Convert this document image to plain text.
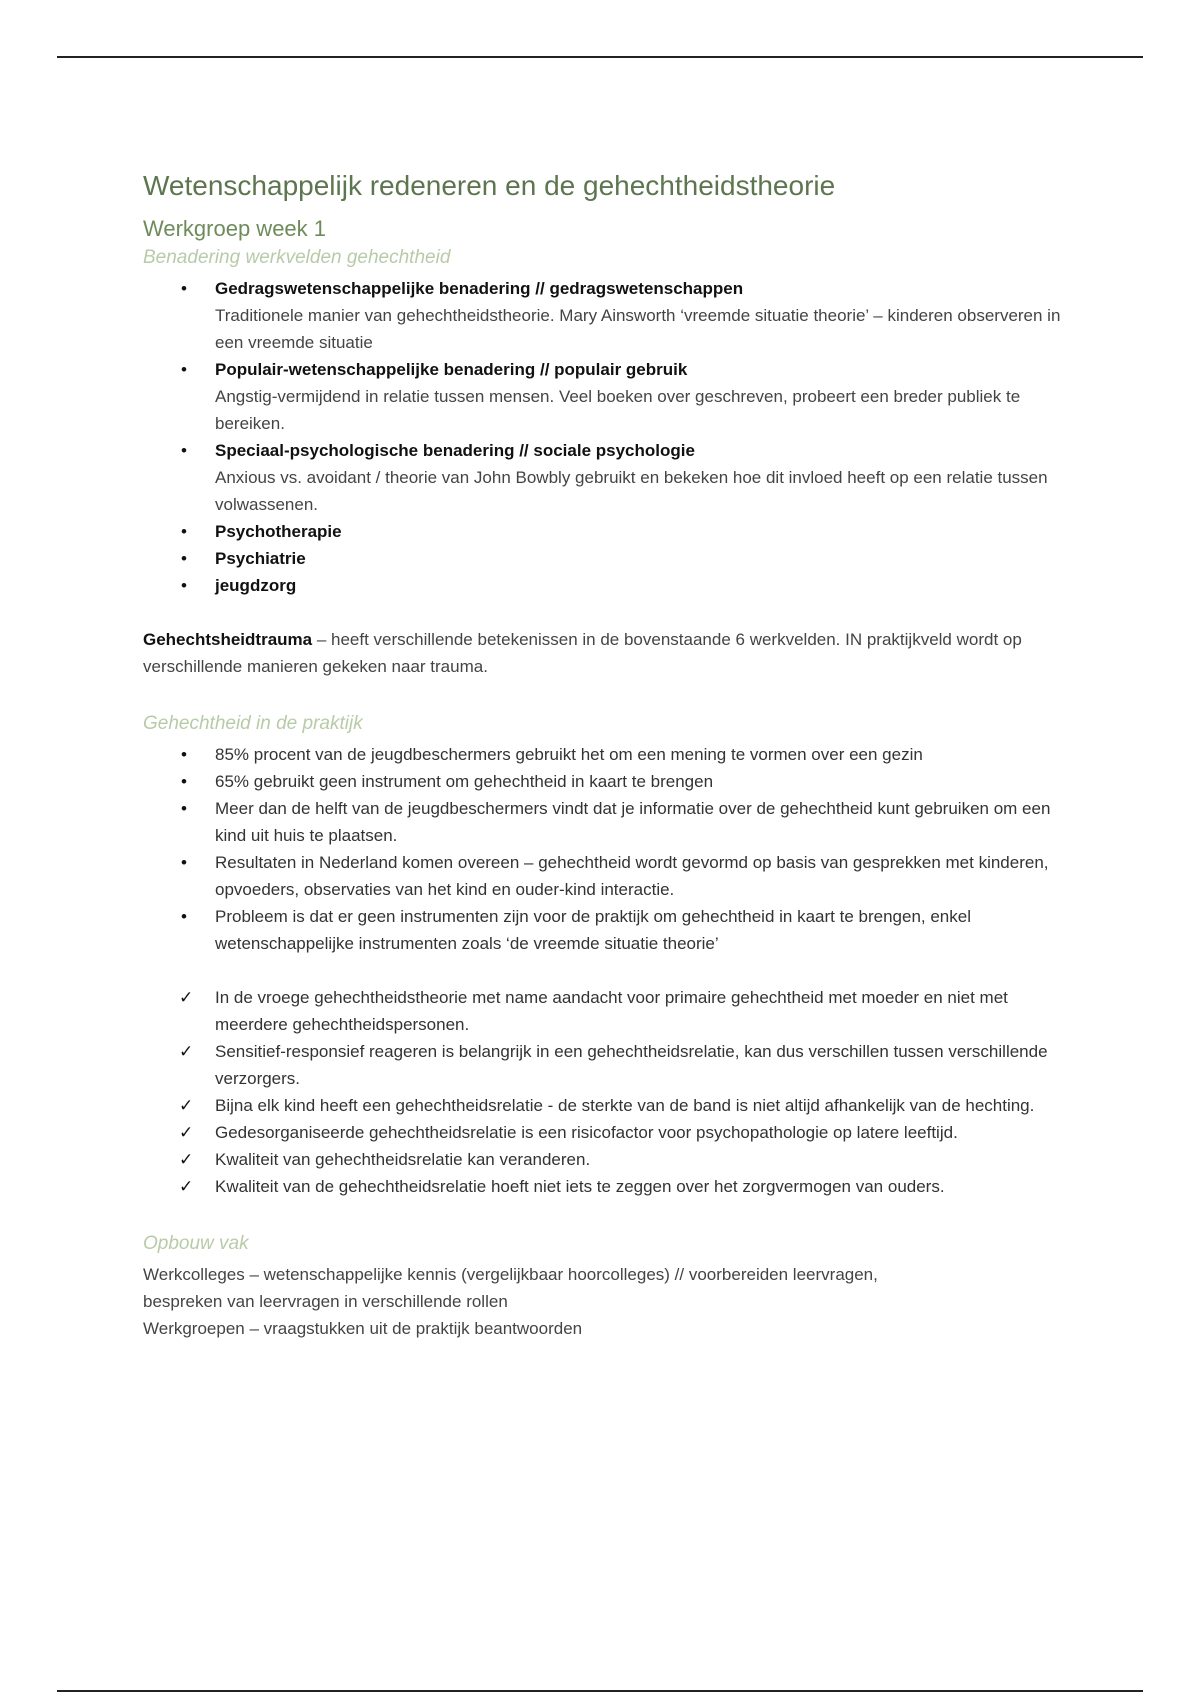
Wetenschappelijk redeneren en de gehechtheidstheorie
Werkgroep week 1
Benadering werkvelden gehechtheid
• Gedragswetenschappelijke benadering // gedragswetenschappen
Traditionele manier van gehechtheidstheorie. Mary Ainsworth ‘vreemde situatie theorie’ – kinderen observeren in een vreemde situatie
• Populair-wetenschappelijke benadering // populair gebruik
Angstig-vermijdend in relatie tussen mensen. Veel boeken over geschreven, probeert een breder publiek te bereiken.
• Speciaal-psychologische benadering // sociale psychologie
Anxious vs. avoidant / theorie van John Bowbly gebruikt en bekeken hoe dit invloed heeft op een relatie tussen volwassenen.
• Psychotherapie
• Psychiatrie
• jeugdzorg

Gehechtsheidtrauma – heeft verschillende betekenissen in de bovenstaande 6 werkvelden. IN praktijkveld wordt op verschillende manieren gekeken naar trauma.

Gehechtheid in de praktijk
• 85% procent van de jeugdbeschermers gebruikt het om een mening te vormen over een gezin
• 65% gebruikt geen instrument om gehechtheid in kaart te brengen
• Meer dan de helft van de jeugdbeschermers vindt dat je informatie over de gehechtheid kunt gebruiken om een kind uit huis te plaatsen.
• Resultaten in Nederland komen overeen – gehechtheid wordt gevormd op basis van gesprekken met kinderen, opvoeders, observaties van het kind en ouder-kind interactie.
• Probleem is dat er geen instrumenten zijn voor de praktijk om gehechtheid in kaart te brengen, enkel wetenschappelijke instrumenten zoals ‘de vreemde situatie theorie’
✓ In de vroege gehechtheidstheorie met name aandacht voor primaire gehechtheid met moeder en niet met meerdere gehechtheidspersonen.
✓ Sensitief-responsief reageren is belangrijk in een gehechtheidsrelatie, kan dus verschillen tussen verschillende verzorgers.
✓ Bijna elk kind heeft een gehechtheidsrelatie - de sterkte van de band is niet altijd afhankelijk van de hechting.
✓ Gedesorganiseerde gehechtheidsrelatie is een risicofactor voor psychopathologie op latere leeftijd.
✓ Kwaliteit van gehechtheidsrelatie kan veranderen.
✓ Kwaliteit van de gehechtheidsrelatie hoeft niet iets te zeggen over het zorgvermogen van ouders.
Opbouw vak
Werkcolleges – wetenschappelijke kennis (vergelijkbaar hoorcolleges) // voorbereiden leervragen,
bespreken van leervragen in verschillende rollen
Werkgroepen – vraagstukken uit de praktijk beantwoorden
